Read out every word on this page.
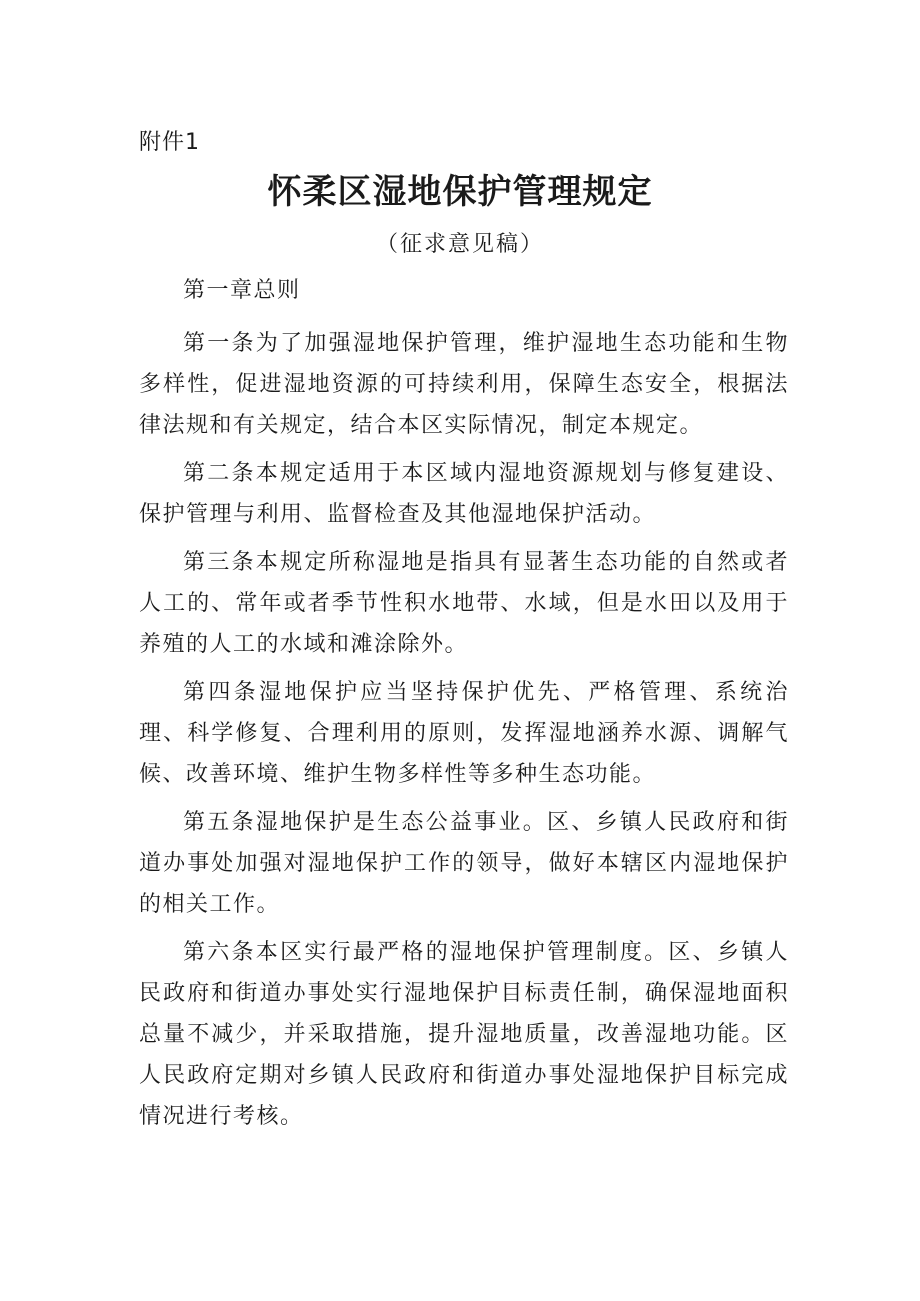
附件1
怀柔区湿地保护管理规定
（征求意见稿）

第一章总则

第一条为了加强湿地保护管理，维护湿地生态功能和生物多样性，促进湿地资源的可持续利用，保障生态安全，根据法律法规和有关规定，结合本区实际情况，制定本规定。

第二条本规定适用于本区域内湿地资源规划与修复建设、保护管理与利用、监督检查及其他湿地保护活动。

第三条本规定所称湿地是指具有显著生态功能的自然或者人工的、常年或者季节性积水地带、水域，但是水田以及用于养殖的人工的水域和滩涂除外。

第四条湿地保护应当坚持保护优先、严格管理、系统治理、科学修复、合理利用的原则，发挥湿地涵养水源、调解气候、改善环境、维护生物多样性等多种生态功能。

第五条湿地保护是生态公益事业。区、乡镇人民政府和街道办事处加强对湿地保护工作的领导，做好本辖区内湿地保护的相关工作。

第六条本区实行最严格的湿地保护管理制度。区、乡镇人民政府和街道办事处实行湿地保护目标责任制，确保湿地面积总量不减少，并采取措施，提升湿地质量，改善湿地功能。区人民政府定期对乡镇人民政府和街道办事处湿地保护目标完成情况进行考核。
